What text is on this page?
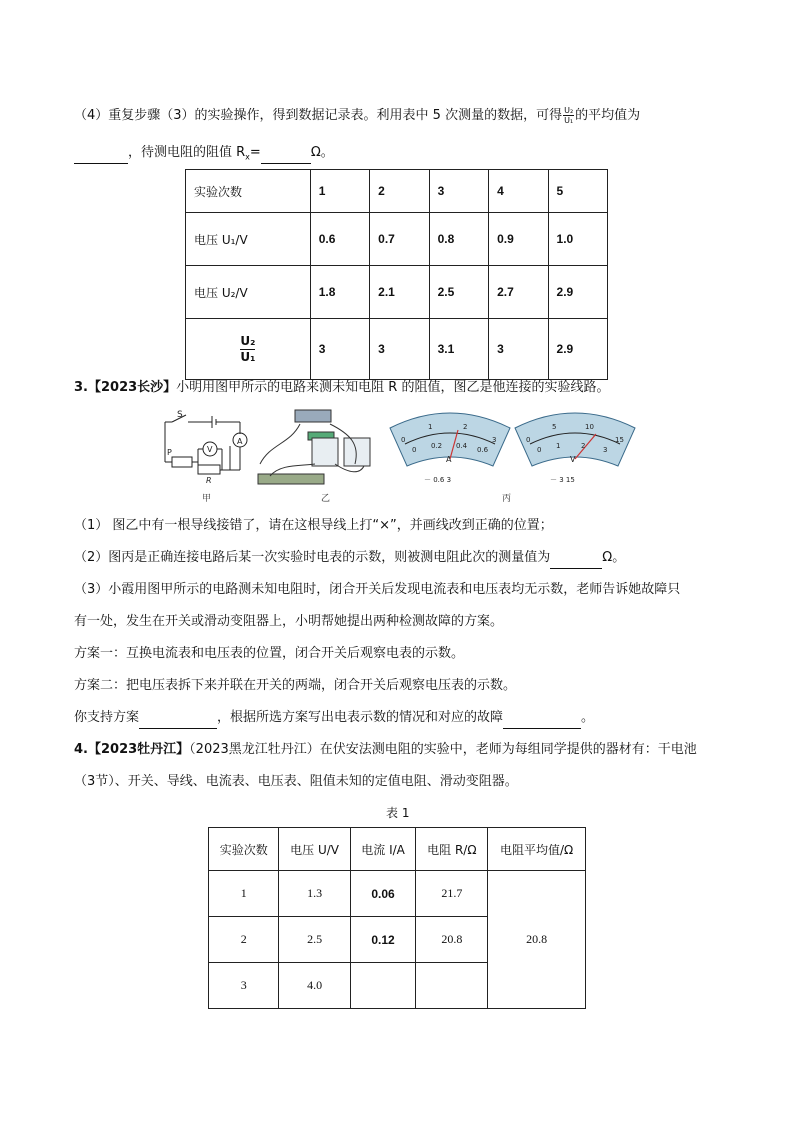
（4）重复步骤（3）的实验操作，得到数据记录表。利用表中 5 次测量的数据，可得 $\frac{\text{U₂}}{\text{U₁}}$ 的平均值为
，待测电阻的阻值 $R_x=$	Ω。
实验次数	1	2	3	4	5
电压 U₁/V	0.6	0.7	0.8	0.9	1.0
电压 U₂/V	1.8	2.1	2.5	2.7	2.9

$\frac{\text{U₂}}{\text{U₁}}$	3	3	3.1	3	2.9
3.【2023长沙】小明用图甲所示的电路来测未知电阻 R 的阻值，图乙是他连接的实验线路。
S
A
V
P
R
甲	乙
0
1	2
3
0 0.2 0.4 0.6
A
－ 0.6 3
0
5	10
15
0 1	2	3
V
－ 3 15
丙
（1） 图乙中有一根导线接错了，请在这根导线上打“×”，并画线改到正确的位置；
（2）图丙是正确连接电路后某一次实验时电表的示数，则被测电阻此次的测量值为	Ω。
（3）小霞用图甲所示的电路测未知电阻时，闭合开关后发现电流表和电压表均无示数，老师告诉她故障只
有一处，发生在开关或滑动变阻器上，小明帮她提出两种检测故障的方案。
方案一：互换电流表和电压表的位置，闭合开关后观察电表的示数。
方案二：把电压表拆下来并联在开关的两端，闭合开关后观察电压表的示数。
你支持方案	，根据所选方案写出电表示数的情况和对应的故障	。
4.【2023牡丹江】（2023黑龙江牡丹江）在伏安法测电阻的实验中，老师为每组同学提供的器材有：干电池
（3节）、开关、导线、电流表、电压表、阻值未知的定值电阻、滑动变阻器。
表 1
实验次数	电压 U/V	电流 I/A	电阻 R/Ω	电阻平均值/Ω
1	1.3	0.06	21.7	20.8
2	2.5	0.12	20.8	
3	4.0			
